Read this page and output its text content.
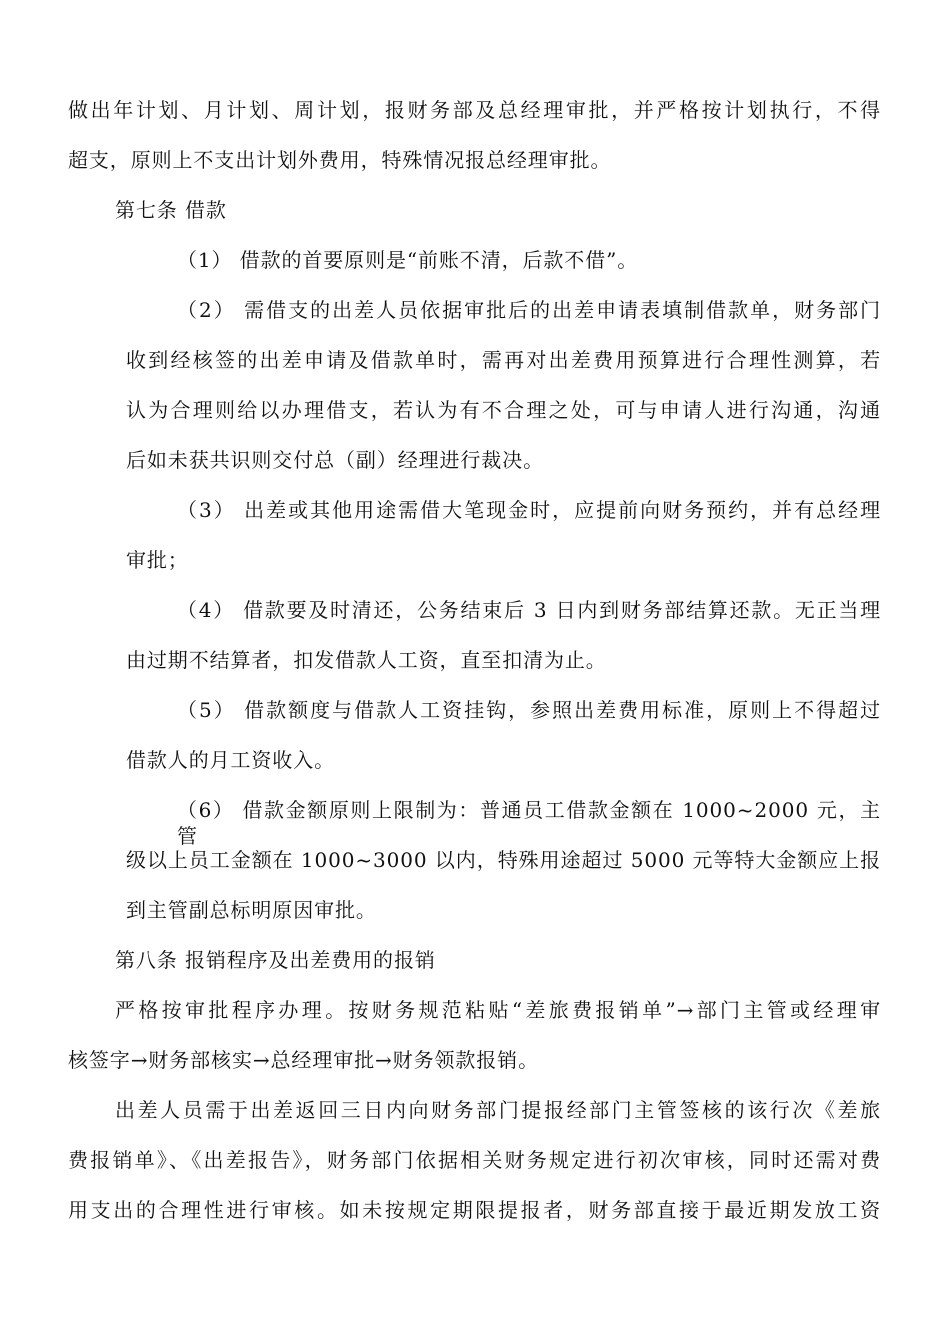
做出年计划、月计划、周计划，报财务部及总经理审批，并严格按计划执行，不得
超支，原则上不支出计划外费用，特殊情况报总经理审批。
第七条 借款
（1） 借款的首要原则是“前账不清，后款不借”。
（2） 需借支的出差人员依据审批后的出差申请表填制借款单，财务部门
收到经核签的出差申请及借款单时，需再对出差费用预算进行合理性测算，若
认为合理则给以办理借支，若认为有不合理之处，可与申请人进行沟通，沟通
后如未获共识则交付总（副）经理进行裁决。
（3） 出差或其他用途需借大笔现金时，应提前向财务预约，并有总经理
审批；
（4） 借款要及时清还，公务结束后 3 日内到财务部结算还款。无正当理
由过期不结算者，扣发借款人工资，直至扣清为止。
（5） 借款额度与借款人工资挂钩，参照出差费用标准，原则上不得超过
借款人的月工资收入。
（6） 借款金额原则上限制为：普通员工借款金额在 1000~2000 元，主管
级以上员工金额在 1000~3000 以内，特殊用途超过 5000 元等特大金额应上报
到主管副总标明原因审批。
第八条 报销程序及出差费用的报销
严格按审批程序办理。按财务规范粘贴“差旅费报销单”→部门主管或经理审
核签字→财务部核实→总经理审批→财务领款报销。
出差人员需于出差返回三日内向财务部门提报经部门主管签核的该行次《差旅
费报销单》、《出差报告》，财务部门依据相关财务规定进行初次审核，同时还需对费
用支出的合理性进行审核。如未按规定期限提报者，财务部直接于最近期发放工资
